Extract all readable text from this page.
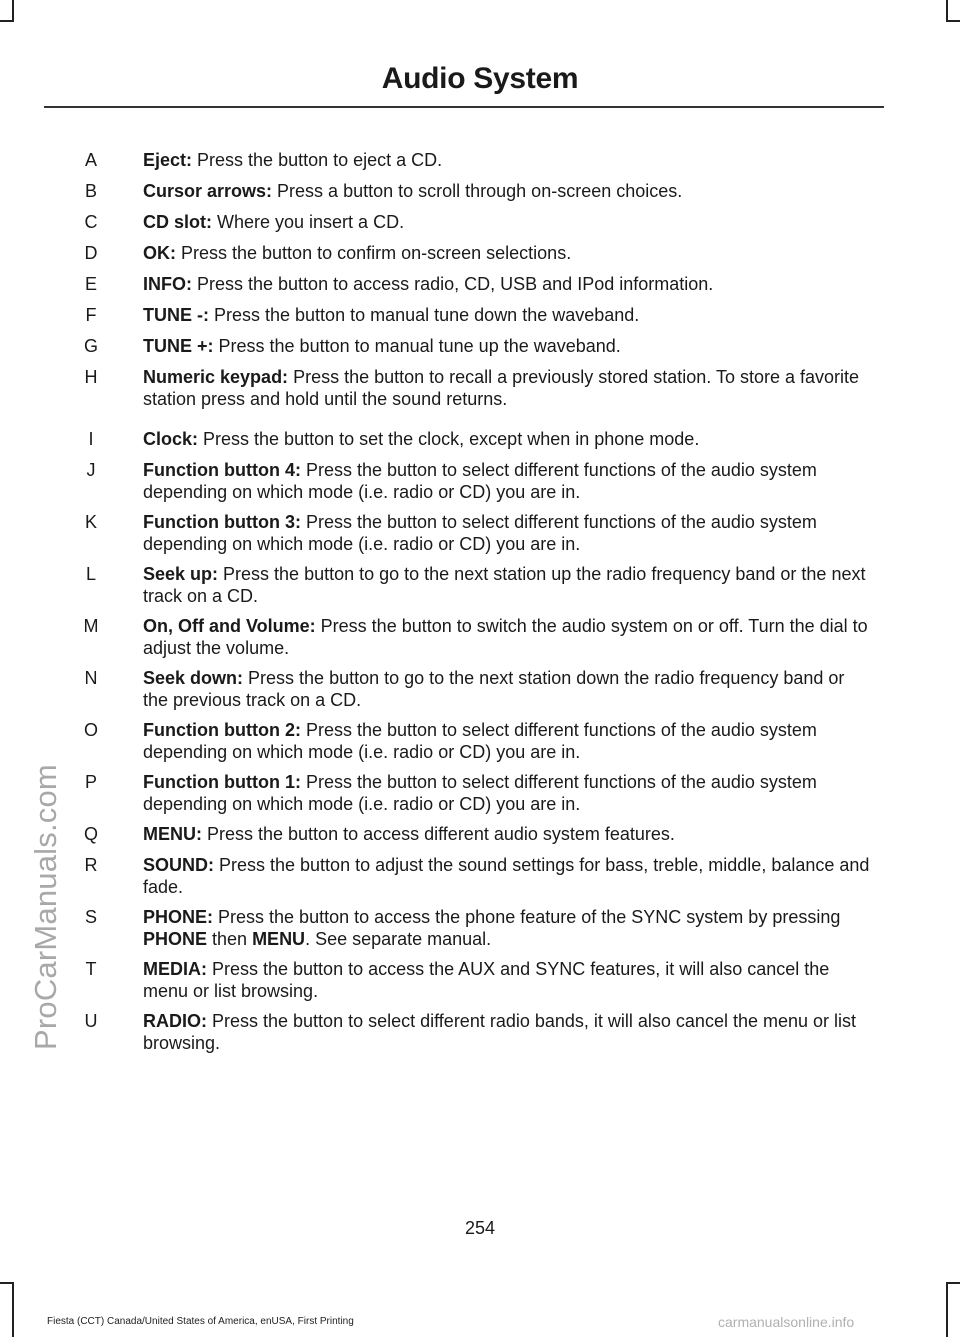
Audio System
ProCarManuals.com
A	Eject: Press the button to eject a CD.
B	Cursor arrows: Press a button to scroll through on-screen choices.
C	CD slot: Where you insert a CD.
D	OK: Press the button to confirm on-screen selections.
E	INFO: Press the button to access radio, CD, USB and IPod information.
F	TUNE -: Press the button to manual tune down the waveband.
G	TUNE +: Press the button to manual tune up the waveband.
H	Numeric keypad: Press the button to recall a previously stored station. To store a favorite station press and hold until the sound returns.
I	Clock: Press the button to set the clock, except when in phone mode.
J	Function button 4: Press the button to select different functions of the audio system depending on which mode (i.e. radio or CD) you are in.
K	Function button 3: Press the button to select different functions of the audio system depending on which mode (i.e. radio or CD) you are in.
L	Seek up: Press the button to go to the next station up the radio frequency band or the next track on a CD.
M	On, Off and Volume: Press the button to switch the audio system on or off. Turn the dial to adjust the volume.
N	Seek down: Press the button to go to the next station down the radio frequency band or the previous track on a CD.
O	Function button 2: Press the button to select different functions of the audio system depending on which mode (i.e. radio or CD) you are in.
P	Function button 1: Press the button to select different functions of the audio system depending on which mode (i.e. radio or CD) you are in.
Q	MENU: Press the button to access different audio system features.
R	SOUND: Press the button to adjust the sound settings for bass, treble, middle, balance and fade.
S	PHONE: Press the button to access the phone feature of the SYNC system by pressing PHONE then MENU. See separate manual.
T	MEDIA: Press the button to access the AUX and SYNC features, it will also cancel the menu or list browsing.
U	RADIO: Press the button to select different radio bands, it will also cancel the menu or list browsing.
254
Fiesta (CCT) Canada/United States of America, enUSA, First Printing	carmanualsonline.info
